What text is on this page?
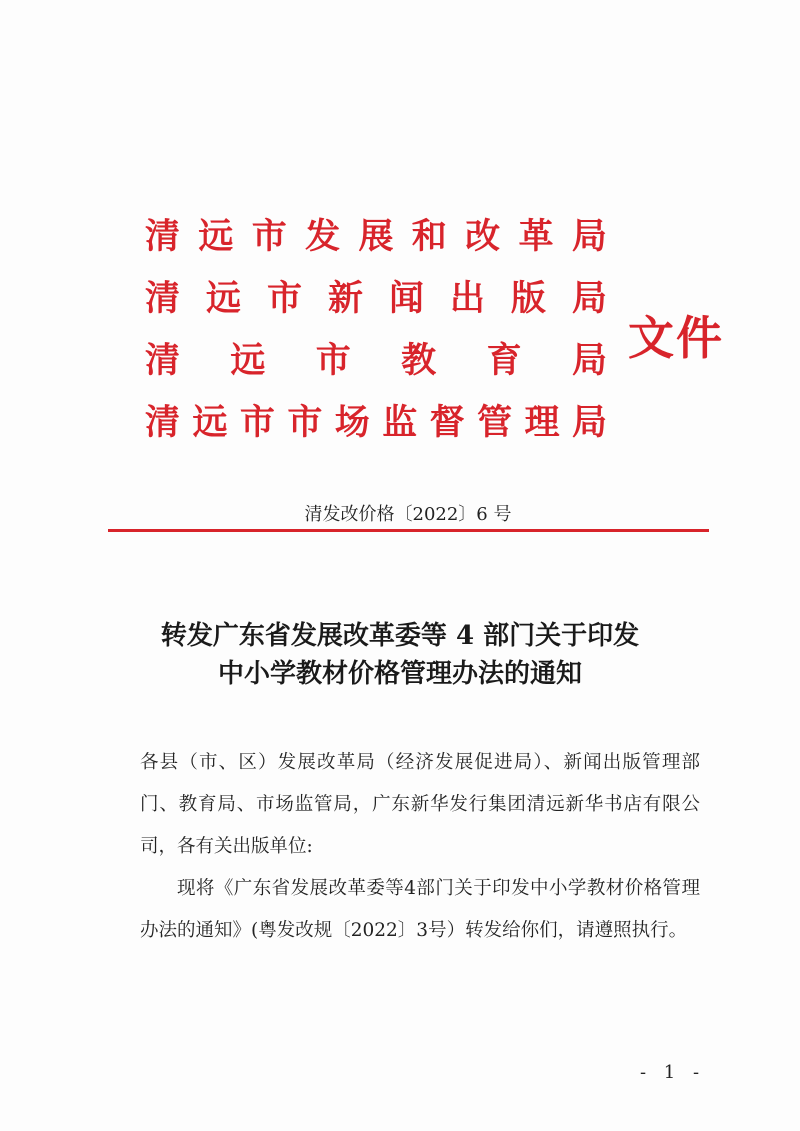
清 远 市 发 展 和 改 革 局
清 远 市 新 闻 出 版 局
清 远 市 教 育 局
清 远 市 市 场 监 督 管 理 局
文件
清发改价格〔2022〕6 号
转发广东省发展改革委等 4 部门关于印发
中小学教材价格管理办法的通知

各县（市、区）发展改革局（经济发展促进局）、新闻出版管理部门、教育局、市场监管局，广东新华发行集团清远新华书店有限公司，各有关出版单位:

现将《广东省发展改革委等4部门关于印发中小学教材价格管理办法的通知》(粤发改规〔2022〕3号）转发给你们，请遵照执行。

- 1 -
